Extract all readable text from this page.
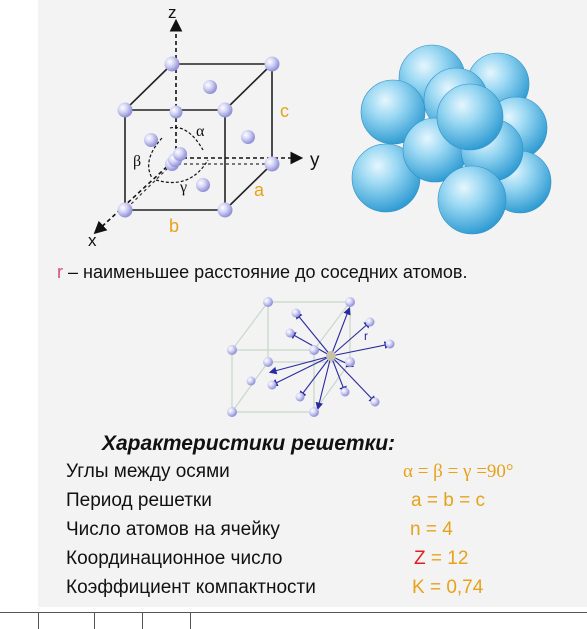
z
y
x
a
b
c
α
β
γ
r
r – наименьшее расстояние до соседних атомов.
Характеристики решетки:
Углы между осями
Период решетки
Число атомов на ячейку
Координационное число
Коэффициент компактности
α = β = γ =90°
a = b = c
n = 4
Z = 12
K = 0,74
